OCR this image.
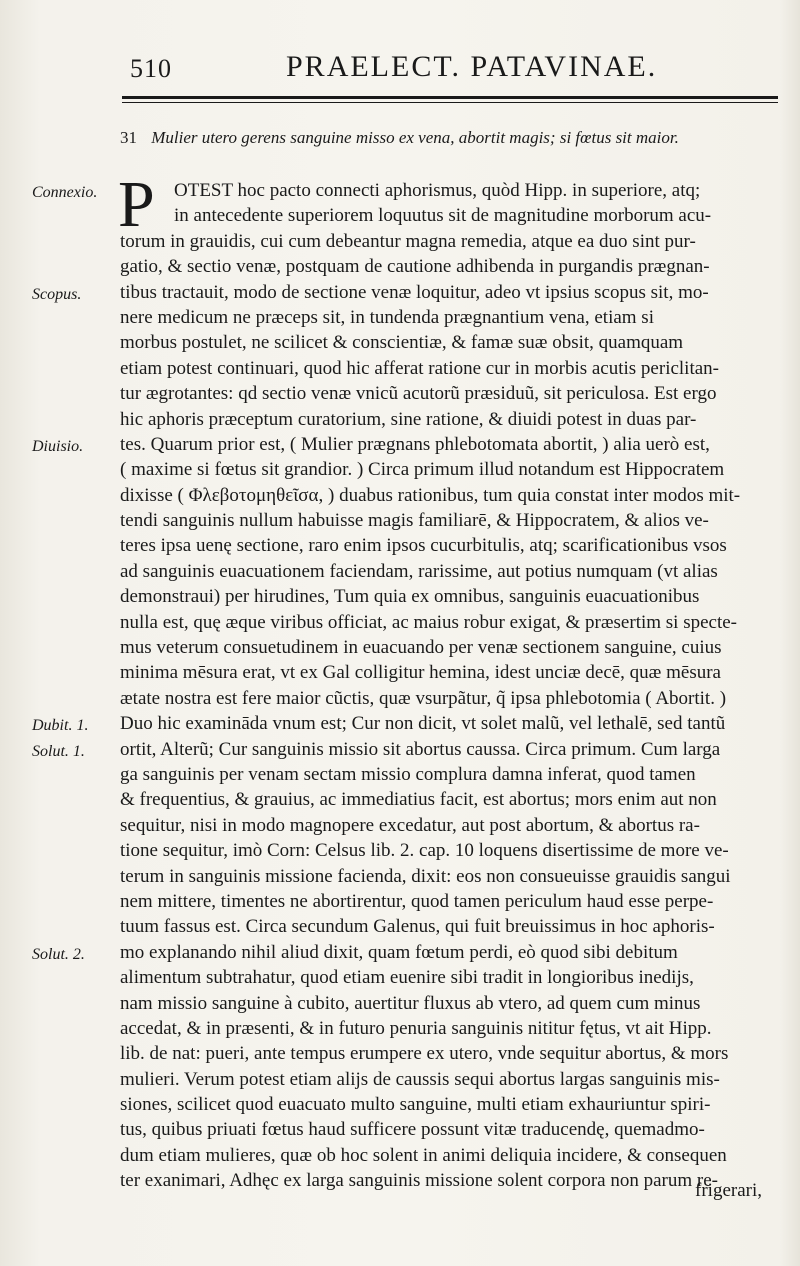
510	PRAELECT. PATAVINAE.
31 Mulier utero gerens sanguine misso ex vena, abortit magis; si fœtus sit maior.
Connexio.
Scopus.
Diuisio.
Dubit. 1.
Solut. 1.
Solut. 2.
P	OTEST hoc pacto connecti aphorismus, quòd Hipp. in superiore, atq;
in antecedente superiorem loquutus sit de magnitudine morborum acu-
torum in grauidis, cui cum debeantur magna remedia, atque ea duo sint pur-
gatio, & sectio venæ, postquam de cautione adhibenda in purgandis prægnan-
tibus tractauit, modo de sectione venæ loquitur, adeo vt ipsius scopus sit, mo-
nere medicum ne præceps sit, in tundenda prægnantium vena, etiam si
morbus postulet, ne scilicet & conscientiæ, & famæ suæ obsit, quamquam
etiam potest continuari, quod hic afferat ratione cur in morbis acutis periclitan-
tur ægrotantes: qd sectio venæ vnicũ acutorũ præsiduũ, sit periculosa. Est ergo
hic aphoris præceptum curatorium, sine ratione, & diuidi potest in duas par-
tes. Quarum prior est, ( Mulier prægnans phlebotomata abortit, ) alia uerò est,
( maxime si fœtus sit grandior. ) Circa primum illud notandum est Hippocratem
dixisse ( Φλεβοτομηθεῖσα, ) duabus rationibus, tum quia constat inter modos mit-
tendi sanguinis nullum habuisse magis familiarē, & Hippocratem, & alios ve-
teres ipsa uenę sectione, raro enim ipsos cucurbitulis, atq; scarificationibus vsos
ad sanguinis euacuationem faciendam, rarissime, aut potius numquam (vt alias
demonstraui) per hirudines, Tum quia ex omnibus, sanguinis euacuationibus
nulla est, quę æque viribus officiat, ac maius robur exigat, & præsertim si specte-
mus veterum consuetudinem in euacuando per venæ sectionem sanguine, cuius
minima mēsura erat, vt ex Gal colligitur hemina, idest unciæ decē, quæ mēsura
ætate nostra est fere maior cũctis, quæ vsurpãtur, q̃ ipsa phlebotomia ( Abortit. )
Duo hic examināda vnum est; Cur non dicit, vt solet malũ, vel lethalē, sed tantũ
ortit, Alterũ; Cur sanguinis missio sit abortus caussa. Circa primum. Cum larga
ga sanguinis per venam sectam missio complura damna inferat, quod tamen
& frequentius, & grauius, ac immediatius facit, est abortus; mors enim aut non
sequitur, nisi in modo magnopere excedatur, aut post abortum, & abortus ra-
tione sequitur, imò Corn: Celsus lib. 2. cap. 10 loquens disertissime de more ve-
terum in sanguinis missione facienda, dixit: eos non consueuisse grauidis sangui
nem mittere, timentes ne abortirentur, quod tamen periculum haud esse perpe-
tuum fassus est. Circa secundum Galenus, qui fuit breuissimus in hoc aphoris-
mo explanando nihil aliud dixit, quam fœtum perdi, eò quod sibi debitum
alimentum subtrahatur, quod etiam euenire sibi tradit in longioribus inedijs,
nam missio sanguine à cubito, auertitur fluxus ab vtero, ad quem cum minus
accedat, & in præsenti, & in futuro penuria sanguinis nititur fętus, vt ait Hipp.
lib. de nat: pueri, ante tempus erumpere ex utero, vnde sequitur abortus, & mors
mulieri. Verum potest etiam alijs de caussis sequi abortus largas sanguinis mis-
siones, scilicet quod euacuato multo sanguine, multi etiam exhauriuntur spiri-
tus, quibus priuati fœtus haud sufficere possunt vitæ traducendę, quemadmo-
dum etiam mulieres, quæ ob hoc solent in animi deliquia incidere, & consequen
ter exanimari, Adhęc ex larga sanguinis missione solent corpora non parum re-
frigerari,
